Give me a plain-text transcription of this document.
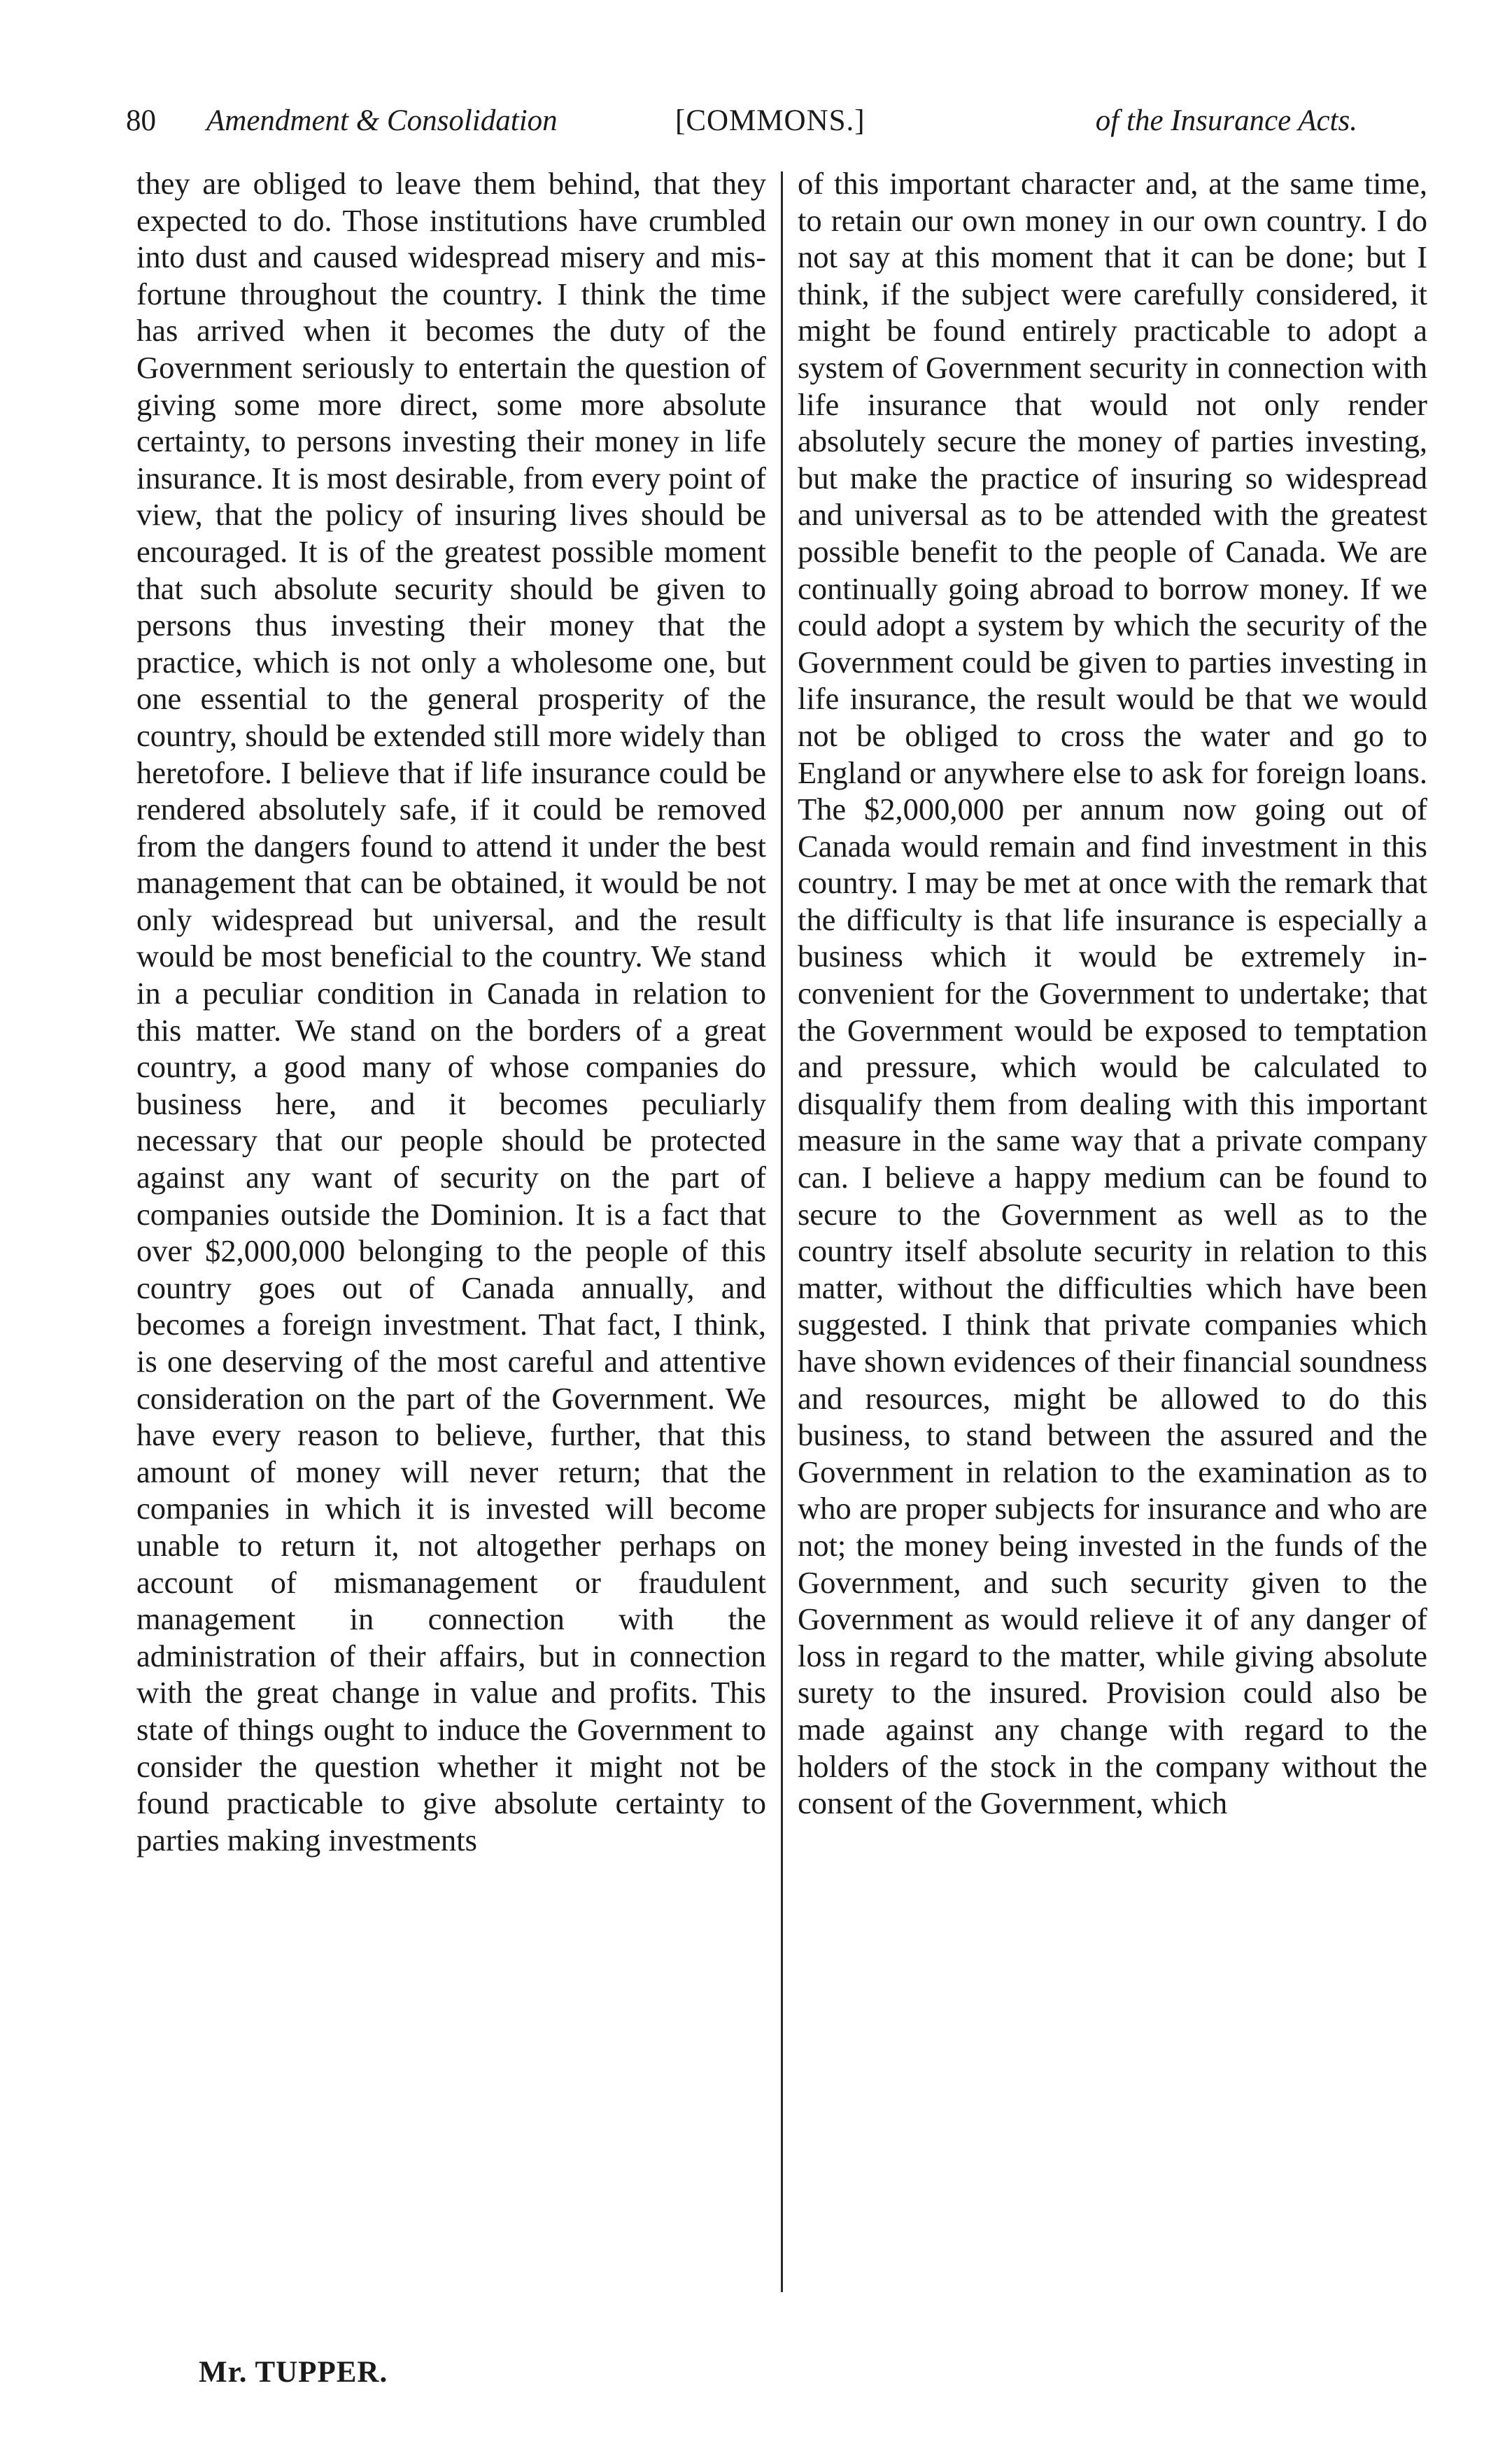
80 Amendment & Consolidation	[COMMONS.]	of the Insurance Acts.

they are obliged to leave them behind, that they expected to do. Those institutions have crumbled into dust and caused widespread misery and misfortune throughout the country. I think the time has arrived when it becomes the duty of the Government seriously to entertain the question of giving some more direct, some more absolute certainty, to persons investing their money in life insurance. It is most desirable, from every point of view, that the policy of insuring lives should be encouraged. It is of the greatest possible moment that such absolute security should be given to persons thus investing their money that the practice, which is not only a wholesome one, but one essential to the general prosperity of the country, should be extended still more widely than heretofore. I believe that if life insurance could be rendered absolutely safe, if it could be removed from the dangers found to attend it under the best management that can be obtained, it would be not only widespread but universal, and the result would be most beneficial to the country. We stand in a peculiar condition in Canada in relation to this matter. We stand on the borders of a great country, a good many of whose companies do business here, and it becomes peculiarly necessary that our people should be protected against any want of security on the part of companies outside the Dominion. It is a fact that over $2,000,000 belonging to the people of this country goes out of Canada annually, and becomes a foreign investment. That fact, I think, is one deserving of the most careful and attentive consideration on the part of the Government. We have every reason to believe, further, that this amount of money will never return; that the companies in which it is invested will become unable to return it, not altogether perhaps on account of mismanagement or fraudulent management in connection with the administration of their affairs, but in connection with the great change in value and profits. This state of things ought to induce the Government to consider the question whether it might not be found practicable to give absolute certainty to parties making investments

of this important character and, at the same time, to retain our own money in our own country. I do not say at this moment that it can be done; but I think, if the subject were carefully considered, it might be found entirely practicable to adopt a system of Government security in connection with life insurance that would not only render absolutely secure the money of parties investing, but make the practice of insuring so widespread and universal as to be attended with the greatest possible benefit to the people of Canada. We are continually going abroad to borrow money. If we could adopt a system by which the security of the Government could be given to parties investing in life insurance, the result would be that we would not be obliged to cross the water and go to England or anywhere else to ask for foreign loans. The $2,000,000 per annum now going out of Canada would remain and find investment in this country. I may be met at once with the remark that the difficulty is that life insurance is especially a business which it would be extremely inconvenient for the Government to undertake; that the Government would be exposed to temptation and pressure, which would be calculated to disqualify them from dealing with this important measure in the same way that a private company can. I believe a happy medium can be found to secure to the Government as well as to the country itself absolute security in relation to this matter, without the difficulties which have been suggested. I think that private companies which have shown evidences of their financial soundness and resources, might be allowed to do this business, to stand between the assured and the Government in relation to the examination as to who are proper subjects for insurance and who are not; the money being invested in the funds of the Government, and such security given to the Government as would relieve it of any danger of loss in regard to the matter, while giving absolute surety to the insured. Provision could also be made against any change with regard to the holders of the stock in the company without the consent of the Government, which

Mr. TUPPER.
